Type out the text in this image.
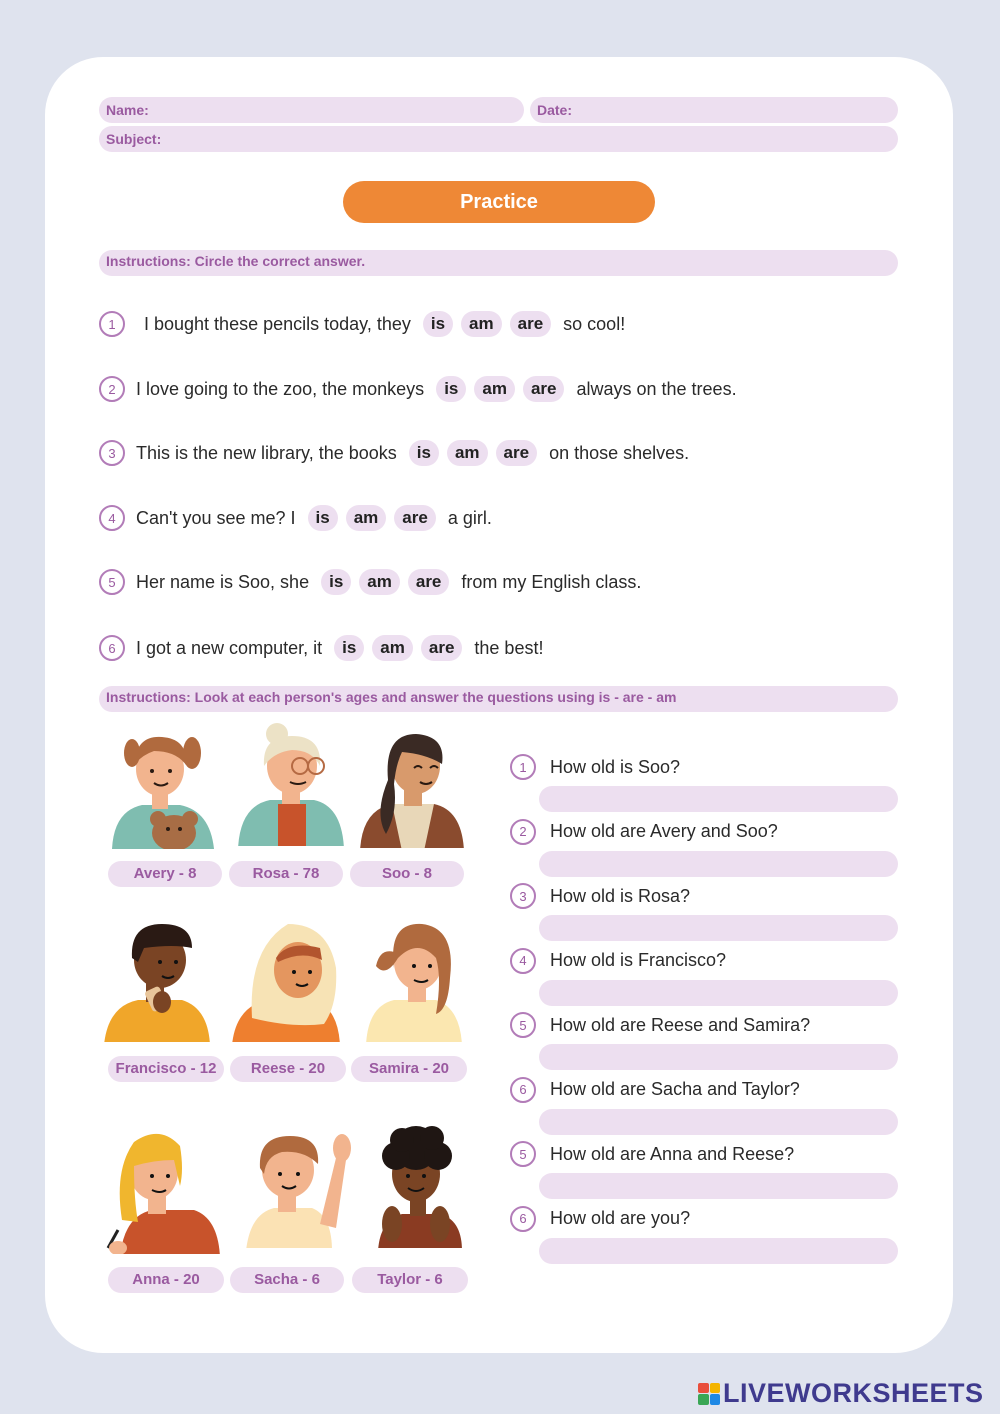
Name:	Date:
Subject:
Practice
Instructions: Circle the correct answer.
1	I bought these pencils today, they	is	am	are	so cool!
2	I love going to the zoo, the monkeys	is	am	are	always on the trees.
3	This is the new library, the books	is	am	are	on those shelves.
4	Can't you see me? I	is	am	are	a girl.
5	Her name is Soo, she	is	am	are	from my English class.
6	I got a new computer, it	is	am	are	the best!
Instructions: Look at each person's ages and answer the questions using is - are - am
Avery - 8	Rosa - 78	Soo - 8
Francisco - 12	Reese - 20	Samira - 20
Anna - 20	Sacha - 6	Taylor - 6
1	How old is Soo?
2	How old are Avery and Soo?
3	How old is Rosa?
4	How old is Francisco?
5	How old are Reese and Samira?
6	How old are Sacha and Taylor?
5	How old are Anna and Reese?
6	How old are you?
LIVEWORKSHEETS
